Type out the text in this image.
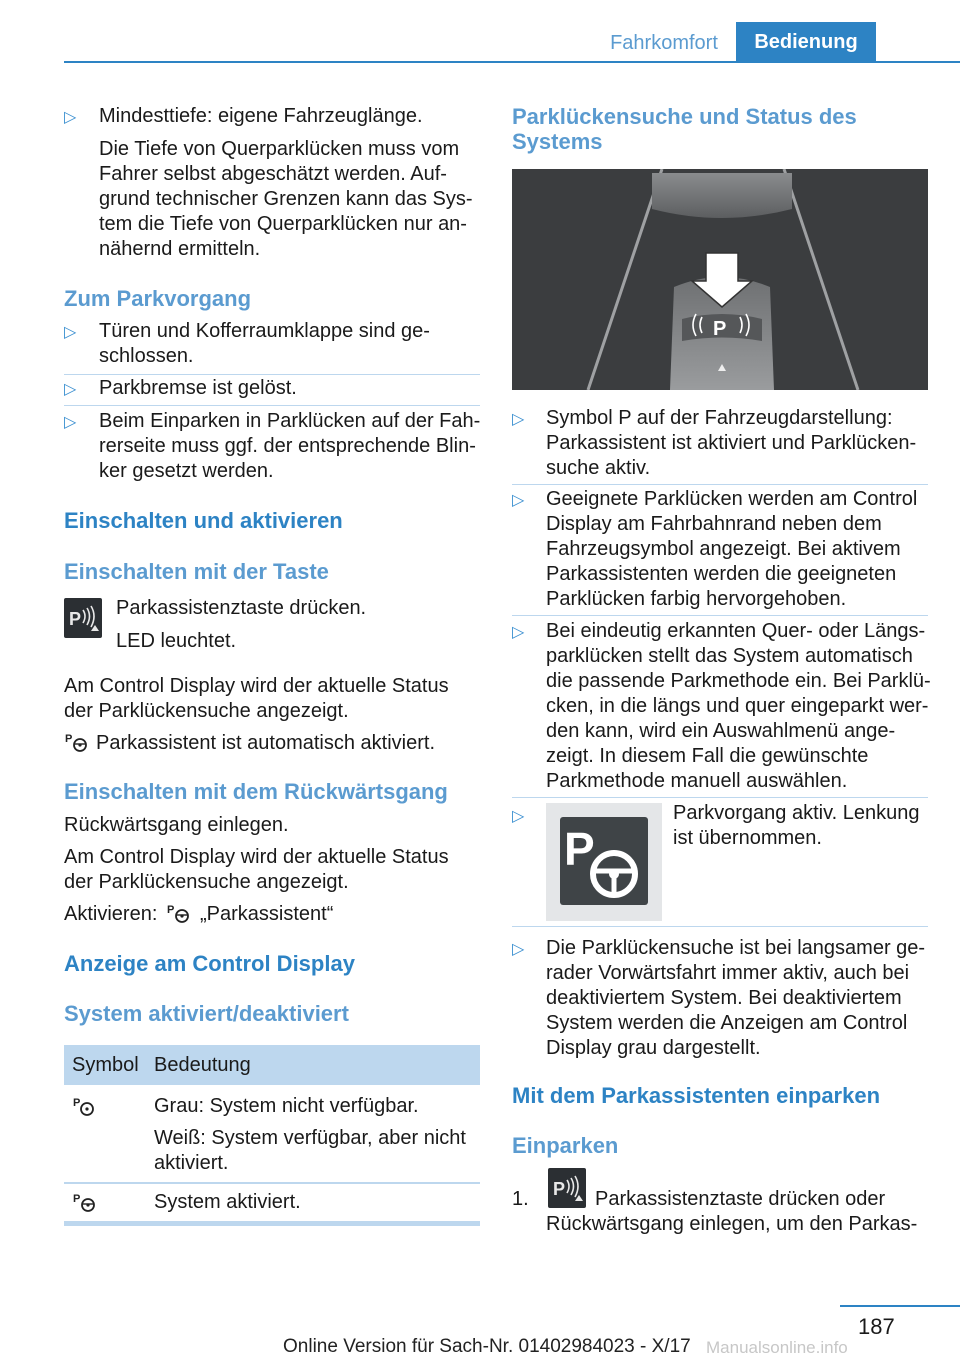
Fahrkomfort	Bedienung
▷ Mindesttiefe: eigene Fahrzeuglänge.
Die Tiefe von Querparklücken muss vom
Fahrer selbst abgeschätzt werden. Auf-
grund technischer Grenzen kann das Sys-
tem die Tiefe von Querparklücken nur an-
nähernd ermitteln.
Zum Parkvorgang
▷ Türen und Kofferraumklappe sind ge-
schlossen.
▷ Parkbremse ist gelöst.
▷ Beim Einparken in Parklücken auf der Fah-
rerseite muss ggf. der entsprechende Blin-
ker gesetzt werden.
Einschalten und aktivieren
Einschalten mit der Taste
P Parkassistenztaste drücken.
LED leuchtet.
Am Control Display wird der aktuelle Status
der Parklückensuche angezeigt.
P Parkassistent ist automatisch aktiviert.
Einschalten mit dem Rückwärtsgang
Rückwärtsgang einlegen.
Am Control Display wird der aktuelle Status
der Parklückensuche angezeigt.
Aktivieren: P „Parkassistent“
Anzeige am Control Display
System aktiviert/deaktiviert
Symbol Bedeutung
P	Grau: System nicht verfügbar.
Weiß: System verfügbar, aber nicht
aktiviert.
P	System aktiviert.
Parklückensuche und Status des
Systems
P
▷ Symbol P auf der Fahrzeugdarstellung:
Parkassistent ist aktiviert und Parklücken-
suche aktiv.
▷ Geeignete Parklücken werden am Control
Display am Fahrbahnrand neben dem
Fahrzeugsymbol angezeigt. Bei aktivem
Parkassistenten werden die geeigneten
Parklücken farbig hervorgehoben.
▷ Bei eindeutig erkannten Quer- oder Längs-
parklücken stellt das System automatisch
die passende Parkmethode ein. Bei Parklü-
cken, in die längs und quer eingeparkt wer-
den kann, wird ein Auswahlmenü ange-
zeigt. In diesem Fall die gewünschte
Parkmethode manuell auswählen.
▷
P
Parkvorgang aktiv. Lenkung
ist übernommen.
▷ Die Parklückensuche ist bei langsamer ge-
rader Vorwärtsfahrt immer aktiv, auch bei
deaktiviertem System. Bei deaktiviertem
System werden die Anzeigen am Control
Display grau dargestellt.
Mit dem Parkassistenten einparken
Einparken
1. P Parkassistenztaste drücken oder
Rückwärtsgang einlegen, um den Parkas-
187
Online Version für Sach-Nr. 01402984023 - X/17 Manualsonline.info
